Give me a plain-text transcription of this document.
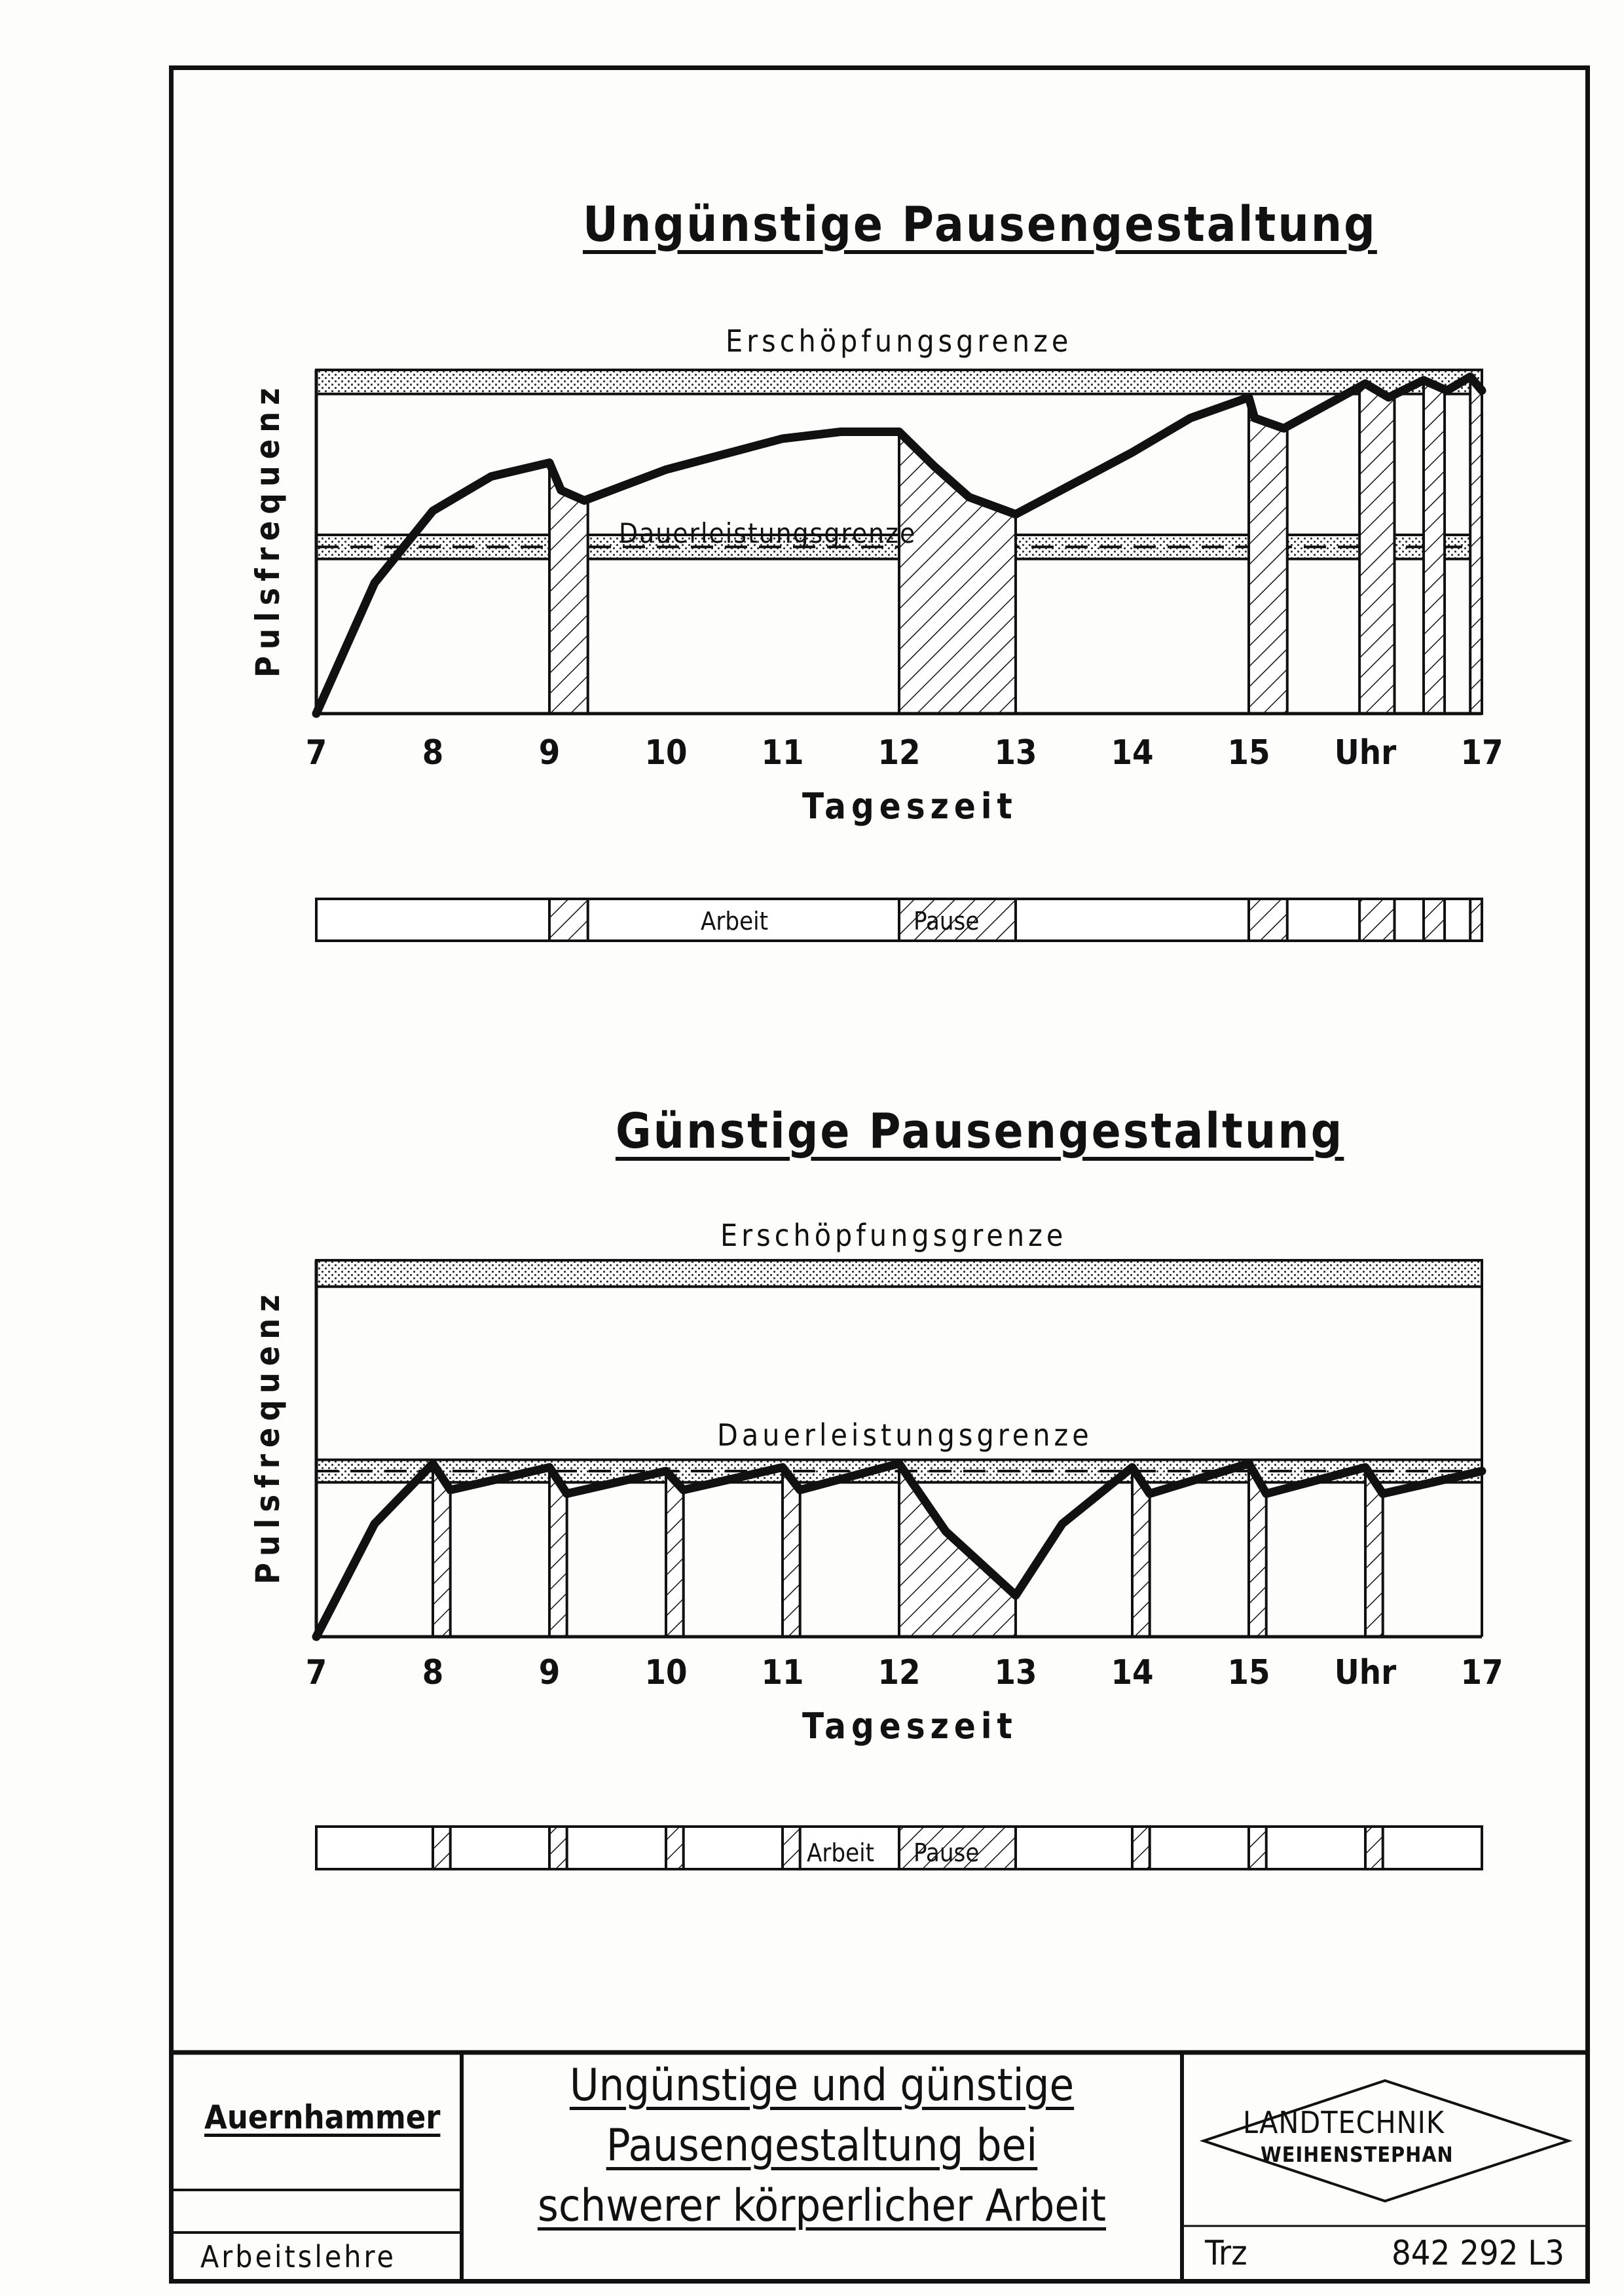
Ungünstige Pausengestaltung
Erschöpfungsgrenze
Dauerleistungsgrenze
Pulsfrequenz
7	8	9 10 11 12 13 14 15 Uhr 17
Tageszeit
Arbeit	Pause
Günstige Pausengestaltung
Erschöpfungsgrenze
Dauerleistungsgrenze
Pulsfrequenz
7	8	9 10 11 12 13 14 15 Uhr 17
Tageszeit
Arbeit Pause
Auernhammer
Arbeitslehre
Ungünstige und günstige
Pausengestaltung bei
schwerer körperlicher Arbeit
LANDTECHNIK
WEIHENSTEPHAN
Trz	842 292 L3
